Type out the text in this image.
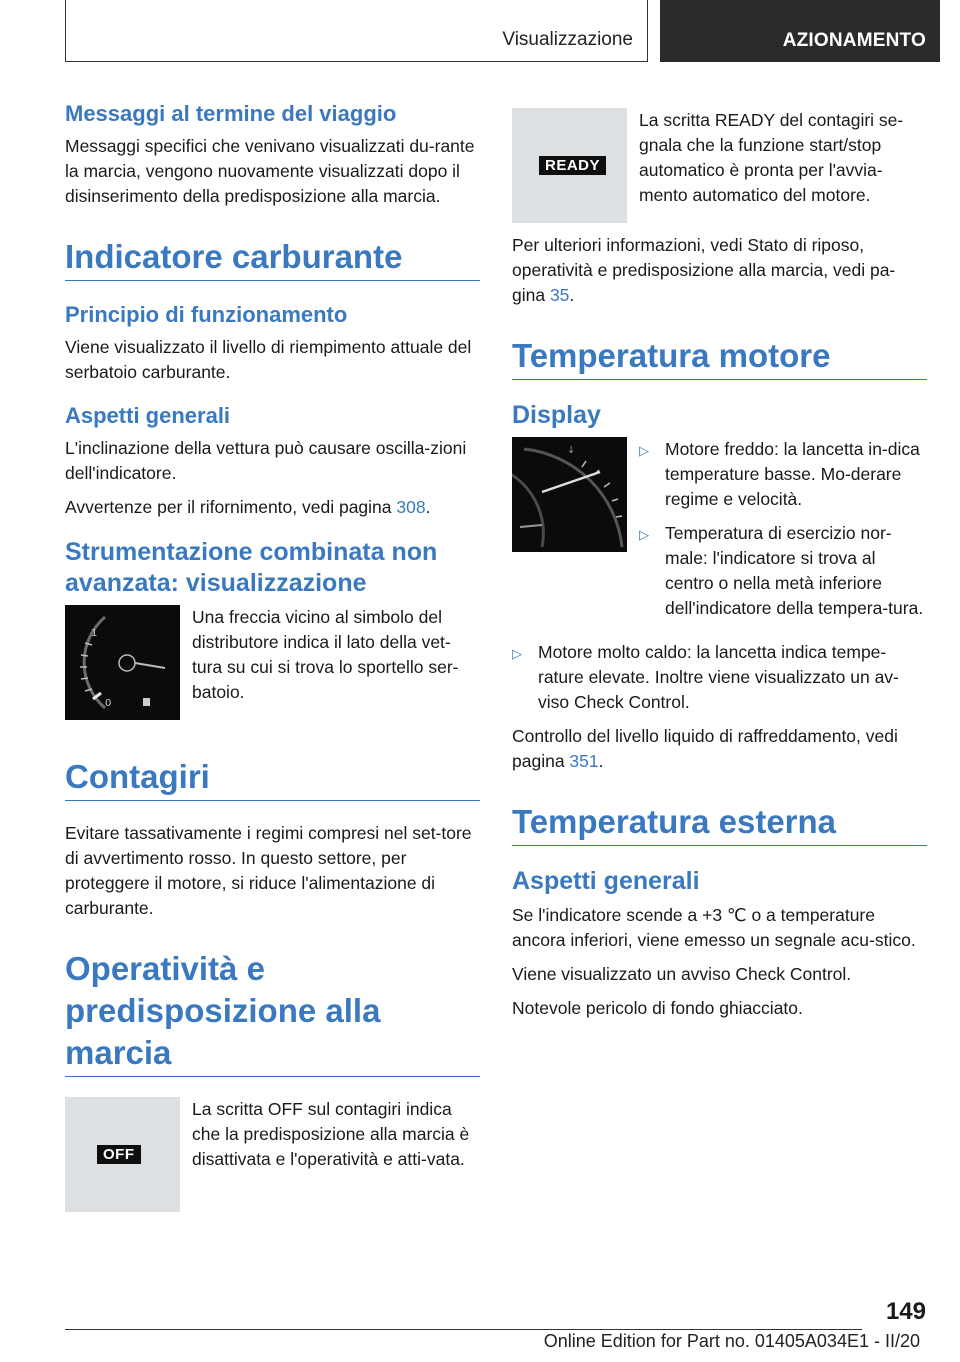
Visualizzazione	AZIONAMENTO
Messaggi al termine del viaggio

Messaggi specifici che venivano visualizzati du-rante la marcia, vengono nuovamente visualizzati dopo il disinserimento della predisposizione alla marcia.

Indicatore carburante
Principio di funzionamento

Viene visualizzato il livello di riempimento attuale del serbatoio carburante.

Aspetti generali

L'inclinazione della vettura può causare oscilla-zioni dell'indicatore.

Avvertenze per il rifornimento, vedi pagina 308.

Strumentazione combinata non avanzata: visualizzazione
1
0

Una freccia vicino al simbolo del distributore indica il lato della vet-tura su cui si trova lo sportello ser-batoio.

Contagiri

Evitare tassativamente i regimi compresi nel set-tore di avvertimento rosso. In questo settore, per proteggere il motore, si riduce l'alimentazione di carburante.

Operatività e predisposizione alla marcia
OFF

La scritta OFF sul contagiri indica che la predisposizione alla marcia è disattivata e l'operatività e atti-vata.

READY

La scritta READY del contagiri se-gnala che la funzione start/stop automatico è pronta per l'avvia-mento automatico del motore.

Per ulteriori informazioni, vedi Stato di riposo, operatività e predisposizione alla marcia, vedi pa-gina 35.

Temperatura motore
Display
↓	▷ Motore freddo: la lancetta in-dica temperature basse. Mo-derare regime e velocità.
▷ Temperatura di esercizio nor-male: l'indicatore si trova al centro o nella metà inferiore dell'indicatore della tempera-tura.
▷ Motore molto caldo: la lancetta indica tempe-rature elevate. Inoltre viene visualizzato un av-viso Check Control.

Controllo del livello liquido di raffreddamento, vedi pagina 351.

Temperatura esterna
Aspetti generali

Se l'indicatore scende a +3 ℃ o a temperature ancora inferiori, viene emesso un segnale acu-stico.

Viene visualizzato un avviso Check Control.

Notevole pericolo di fondo ghiacciato.

149
Online Edition for Part no. 01405A034E1 - II/20
